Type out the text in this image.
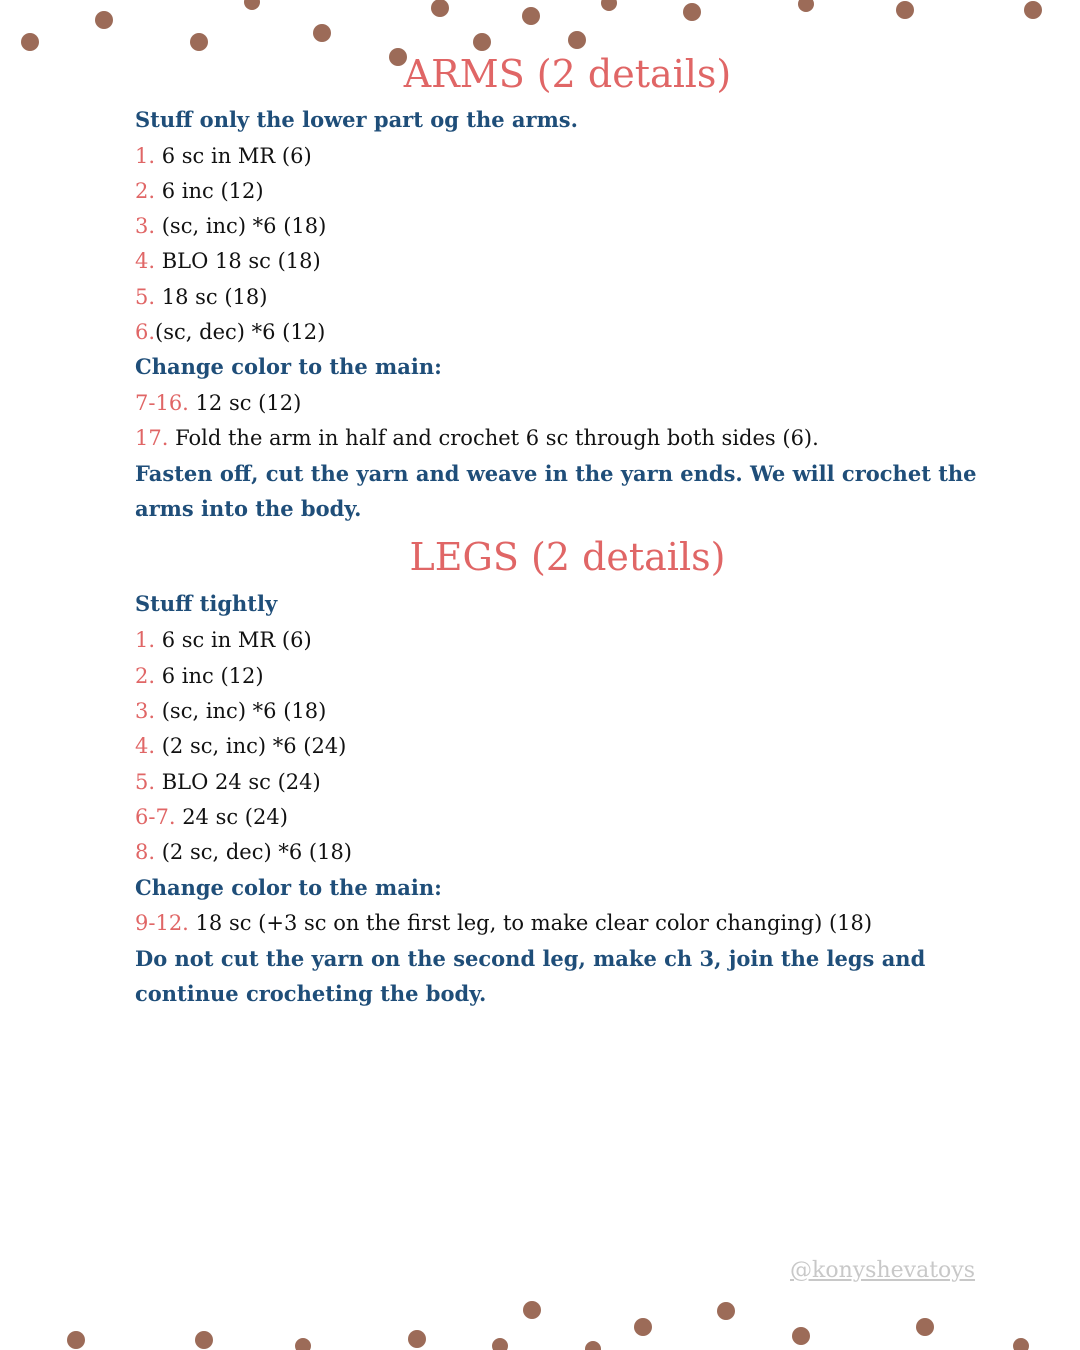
ARMS (2 details)
Stuff only the lower part og the arms.
1. 6 sc in MR (6)
2. 6 inc (12)
3. (sc, inc) *6 (18)
4. BLO 18 sc (18)
5. 18 sc (18)
6.(sc, dec) *6 (12)
Change color to the main:
7-16. 12 sc (12)
17. Fold the arm in half and crochet 6 sc through both sides (6).
Fasten off, cut the yarn and weave in the yarn ends. We will crochet the arms into the body.
LEGS (2 details)
Stuff tightly
1. 6 sc in MR (6)
2. 6 inc (12)
3. (sc, inc) *6 (18)
4. (2 sc, inc) *6 (24)
5. BLO 24 sc (24)
6-7. 24 sc (24)
8. (2 sc, dec) *6 (18)
Change color to the main:
9-12. 18 sc (+3 sc on the first leg, to make clear color changing) (18)
Do not cut the yarn on the second leg, make ch 3, join the legs and continue crocheting the body.
@konyshevatoys
